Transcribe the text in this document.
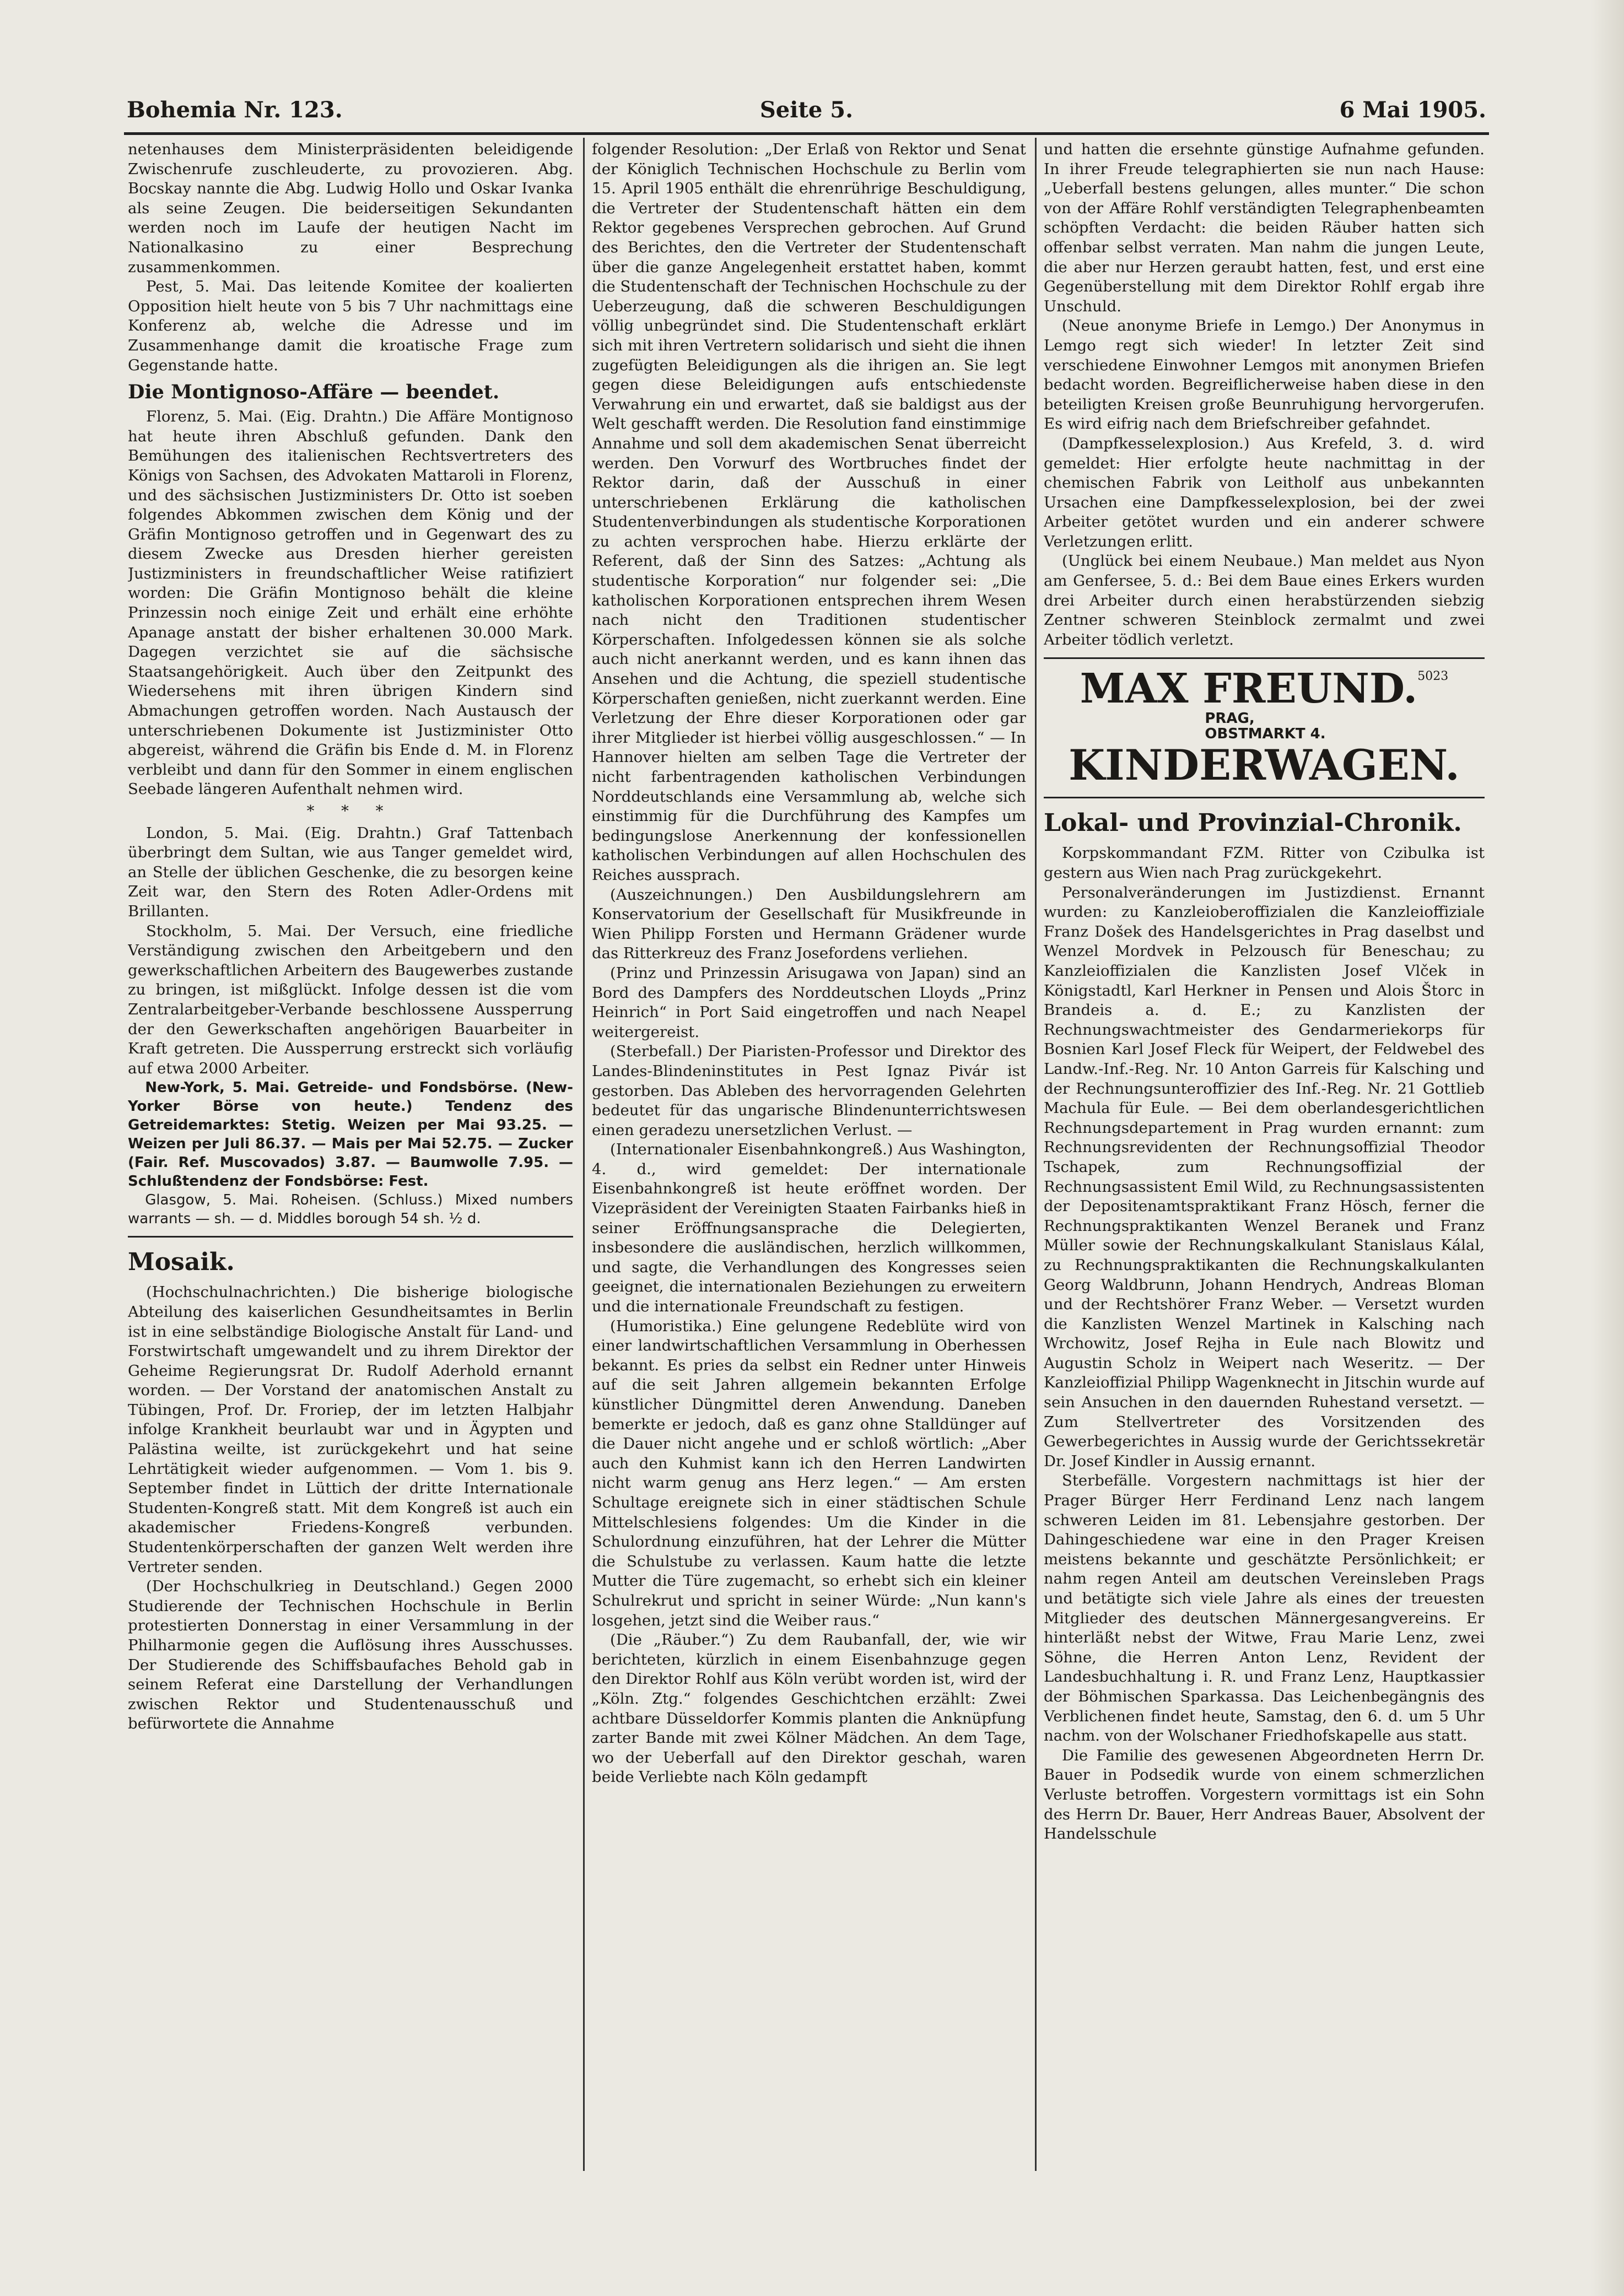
Bohemia Nr. 123.	Seite 5.	6 Mai 1905.

netenhauses dem Ministerpräsidenten beleidigende Zwischenrufe zuschleuderte, zu provozieren. Abg. Bocskay nannte die Abg. Ludwig Hollo und Oskar Ivanka als seine Zeugen. Die beiderseitigen Sekundanten werden noch im Laufe der heutigen Nacht im Nationalkasino zu einer Besprechung zusammenkommen.

Pest, 5. Mai. Das leitende Komitee der koalierten Opposition hielt heute von 5 bis 7 Uhr nachmittags eine Konferenz ab, welche die Adresse und im Zusammenhange damit die kroatische Frage zum Gegenstande hatte.

Die Montignoso-Affäre — beendet.

Florenz, 5. Mai. (Eig. Drahtn.) Die Affäre Montignoso hat heute ihren Abschluß gefunden. Dank den Bemühungen des italienischen Rechtsvertreters des Königs von Sachsen, des Advokaten Mattaroli in Florenz, und des sächsischen Justizministers Dr. Otto ist soeben folgendes Abkommen zwischen dem König und der Gräfin Montignoso getroffen und in Gegenwart des zu diesem Zwecke aus Dresden hierher gereisten Justizministers in freundschaftlicher Weise ratifiziert worden: Die Gräfin Montignoso behält die kleine Prinzessin noch einige Zeit und erhält eine erhöhte Apanage anstatt der bisher erhaltenen 30.000 Mark. Dagegen verzichtet sie auf die sächsische Staatsangehörigkeit. Auch über den Zeitpunkt des Wiedersehens mit ihren übrigen Kindern sind Abmachungen getroffen worden. Nach Austausch der unterschriebenen Dokumente ist Justizminister Otto abgereist, während die Gräfin bis Ende d. M. in Florenz verbleibt und dann für den Sommer in einem englischen Seebade längeren Aufenthalt nehmen wird.

* * *

London, 5. Mai. (Eig. Drahtn.) Graf Tattenbach überbringt dem Sultan, wie aus Tanger gemeldet wird, an Stelle der üblichen Geschenke, die zu besorgen keine Zeit war, den Stern des Roten Adler-Ordens mit Brillanten.

Stockholm, 5. Mai. Der Versuch, eine friedliche Verständigung zwischen den Arbeitgebern und den gewerkschaftlichen Arbeitern des Baugewerbes zustande zu bringen, ist mißglückt. Infolge dessen ist die vom Zentralarbeitgeber-Verbande beschlossene Aussperrung der den Gewerkschaften angehörigen Bauarbeiter in Kraft getreten. Die Aussperrung erstreckt sich vorläufig auf etwa 2000 Arbeiter.

New-York, 5. Mai. Getreide- und Fondsbörse. (New-Yorker Börse von heute.) Tendenz des Getreidemarktes: Stetig. Weizen per Mai 93.25. — Weizen per Juli 86.37. — Mais per Mai 52.75. — Zucker (Fair. Ref. Muscovados) 3.87. — Baumwolle 7.95. — Schlußtendenz der Fondsbörse: Fest.

Glasgow, 5. Mai. Roheisen. (Schluss.) Mixed numbers warrants — sh. — d. Middles borough 54 sh. ½ d.

Mosaik.

(Hochschulnachrichten.) Die bisherige biologische Abteilung des kaiserlichen Gesundheitsamtes in Berlin ist in eine selbständige Biologische Anstalt für Land- und Forstwirtschaft umgewandelt und zu ihrem Direktor der Geheime Regierungsrat Dr. Rudolf Aderhold ernannt worden. — Der Vorstand der anatomischen Anstalt zu Tübingen, Prof. Dr. Froriep, der im letzten Halbjahr infolge Krankheit beurlaubt war und in Ägypten und Palästina weilte, ist zurückgekehrt und hat seine Lehrtätigkeit wieder aufgenommen. — Vom 1. bis 9. September findet in Lüttich der dritte Internationale Studenten-Kongreß statt. Mit dem Kongreß ist auch ein akademischer Friedens-Kongreß verbunden. Studentenkörperschaften der ganzen Welt werden ihre Vertreter senden.

(Der Hochschulkrieg in Deutschland.) Gegen 2000 Studierende der Technischen Hochschule in Berlin protestierten Donnerstag in einer Versammlung in der Philharmonie gegen die Auflösung ihres Ausschusses. Der Studierende des Schiffsbaufaches Behold gab in seinem Referat eine Darstellung der Verhandlungen zwischen Rektor und Studentenausschuß und befürwortete die Annahme

folgender Resolution: „Der Erlaß von Rektor und Senat der Königlich Technischen Hochschule zu Berlin vom 15. April 1905 enthält die ehrenrührige Beschuldigung, die Vertreter der Studentenschaft hätten ein dem Rektor gegebenes Versprechen gebrochen. Auf Grund des Berichtes, den die Vertreter der Studentenschaft über die ganze Angelegenheit erstattet haben, kommt die Studentenschaft der Technischen Hochschule zu der Ueberzeugung, daß die schweren Beschuldigungen völlig unbegründet sind. Die Studentenschaft erklärt sich mit ihren Vertretern solidarisch und sieht die ihnen zugefügten Beleidigungen als die ihrigen an. Sie legt gegen diese Beleidigungen aufs entschiedenste Verwahrung ein und erwartet, daß sie baldigst aus der Welt geschafft werden. Die Resolution fand einstimmige Annahme und soll dem akademischen Senat überreicht werden. Den Vorwurf des Wortbruches findet der Rektor darin, daß der Ausschuß in einer unterschriebenen Erklärung die katholischen Studentenverbindungen als studentische Korporationen zu achten versprochen habe. Hierzu erklärte der Referent, daß der Sinn des Satzes: „Achtung als studentische Korporation“ nur folgender sei: „Die katholischen Korporationen entsprechen ihrem Wesen nach nicht den Traditionen studentischer Körperschaften. Infolgedessen können sie als solche auch nicht anerkannt werden, und es kann ihnen das Ansehen und die Achtung, die speziell studentische Körperschaften genießen, nicht zuerkannt werden. Eine Verletzung der Ehre dieser Korporationen oder gar ihrer Mitglieder ist hierbei völlig ausgeschlossen.“ — In Hannover hielten am selben Tage die Vertreter der nicht farbentragenden katholischen Verbindungen Norddeutschlands eine Versammlung ab, welche sich einstimmig für die Durchführung des Kampfes um bedingungslose Anerkennung der konfessionellen katholischen Verbindungen auf allen Hochschulen des Reiches aussprach.

(Auszeichnungen.) Den Ausbildungslehrern am Konservatorium der Gesellschaft für Musikfreunde in Wien Philipp Forsten und Hermann Grädener wurde das Ritterkreuz des Franz Josefordens verliehen.

(Prinz und Prinzessin Arisugawa von Japan) sind an Bord des Dampfers des Norddeutschen Lloyds „Prinz Heinrich“ in Port Said eingetroffen und nach Neapel weitergereist.

(Sterbefall.) Der Piaristen-Professor und Direktor des Landes-Blindeninstitutes in Pest Ignaz Pivár ist gestorben. Das Ableben des hervorragenden Gelehrten bedeutet für das ungarische Blindenunterrichtswesen einen geradezu unersetzlichen Verlust. —

(Internationaler Eisenbahnkongreß.) Aus Washington, 4. d., wird gemeldet: Der internationale Eisenbahnkongreß ist heute eröffnet worden. Der Vizepräsident der Vereinigten Staaten Fairbanks hieß in seiner Eröffnungsansprache die Delegierten, insbesondere die ausländischen, herzlich willkommen, und sagte, die Verhandlungen des Kongresses seien geeignet, die internationalen Beziehungen zu erweitern und die internationale Freundschaft zu festigen.

(Humoristika.) Eine gelungene Redeblüte wird von einer landwirtschaftlichen Versammlung in Oberhessen bekannt. Es pries da selbst ein Redner unter Hinweis auf die seit Jahren allgemein bekannten Erfolge künstlicher Düngmittel deren Anwendung. Daneben bemerkte er jedoch, daß es ganz ohne Stalldünger auf die Dauer nicht angehe und er schloß wörtlich: „Aber auch den Kuhmist kann ich den Herren Landwirten nicht warm genug ans Herz legen.“ — Am ersten Schultage ereignete sich in einer städtischen Schule Mittelschlesiens folgendes: Um die Kinder in die Schulordnung einzuführen, hat der Lehrer die Mütter die Schulstube zu verlassen. Kaum hatte die letzte Mutter die Türe zugemacht, so erhebt sich ein kleiner Schulrekrut und spricht in seiner Würde: „Nun kann's losgehen, jetzt sind die Weiber raus.“

(Die „Räuber.“) Zu dem Raubanfall, der, wie wir berichteten, kürzlich in einem Eisenbahnzuge gegen den Direktor Rohlf aus Köln verübt worden ist, wird der „Köln. Ztg.“ folgendes Geschichtchen erzählt: Zwei achtbare Düsseldorfer Kommis planten die Anknüpfung zarter Bande mit zwei Kölner Mädchen. An dem Tage, wo der Ueberfall auf den Direktor geschah, waren beide Verliebte nach Köln gedampft

und hatten die ersehnte günstige Aufnahme gefunden. In ihrer Freude telegraphierten sie nun nach Hause: „Ueberfall bestens gelungen, alles munter.“ Die schon von der Affäre Rohlf verständigten Telegraphenbeamten schöpften Verdacht: die beiden Räuber hatten sich offenbar selbst verraten. Man nahm die jungen Leute, die aber nur Herzen geraubt hatten, fest, und erst eine Gegenüberstellung mit dem Direktor Rohlf ergab ihre Unschuld.

(Neue anonyme Briefe in Lemgo.) Der Anonymus in Lemgo regt sich wieder! In letzter Zeit sind verschiedene Einwohner Lemgos mit anonymen Briefen bedacht worden. Begreiflicherweise haben diese in den beteiligten Kreisen große Beunruhigung hervorgerufen. Es wird eifrig nach dem Briefschreiber gefahndet.

(Dampfkesselexplosion.) Aus Krefeld, 3. d. wird gemeldet: Hier erfolgte heute nachmittag in der chemischen Fabrik von Leitholf aus unbekannten Ursachen eine Dampfkesselexplosion, bei der zwei Arbeiter getötet wurden und ein anderer schwere Verletzungen erlitt.

(Unglück bei einem Neubaue.) Man meldet aus Nyon am Genfersee, 5. d.: Bei dem Baue eines Erkers wurden drei Arbeiter durch einen herabstürzenden siebzig Zentner schweren Steinblock zermalmt und zwei Arbeiter tödlich verletzt.

MAX FREUND.$^{5023}$ PRAG,
OBSTMARKT 4.
KINDERWAGEN.
Lokal- und Provinzial-Chronik.

Korpskommandant FZM. Ritter von Czibulka ist gestern aus Wien nach Prag zurückgekehrt.

Personalveränderungen im Justizdienst. Ernannt wurden: zu Kanzleioberoffizialen die Kanzleioffiziale Franz Došek des Handelsgerichtes in Prag daselbst und Wenzel Mordvek in Pelzousch für Beneschau; zu Kanzleioffizialen die Kanzlisten Josef Vlček in Königstadtl, Karl Herkner in Pensen und Alois Štorc in Brandeis a. d. E.; zu Kanzlisten der Rechnungswachtmeister des Gendarmeriekorps für Bosnien Karl Josef Fleck für Weipert, der Feldwebel des Landw.-Inf.-Reg. Nr. 10 Anton Garreis für Kalsching und der Rechnungsunteroffizier des Inf.-Reg. Nr. 21 Gottlieb Machula für Eule. — Bei dem oberlandesgerichtlichen Rechnungsdepartement in Prag wurden ernannt: zum Rechnungsrevidenten der Rechnungsoffizial Theodor Tschapek, zum Rechnungsoffizial der Rechnungsassistent Emil Wild, zu Rechnungsassistenten der Depositenamtspraktikant Franz Hösch, ferner die Rechnungspraktikanten Wenzel Beranek und Franz Müller sowie der Rechnungskalkulant Stanislaus Kálal, zu Rechnungspraktikanten die Rechnungskalkulanten Georg Waldbrunn, Johann Hendrych, Andreas Bloman und der Rechtshörer Franz Weber. — Versetzt wurden die Kanzlisten Wenzel Martinek in Kalsching nach Wrchowitz, Josef Rejha in Eule nach Blowitz und Augustin Scholz in Weipert nach Weseritz. — Der Kanzleioffizial Philipp Wagenknecht in Jitschin wurde auf sein Ansuchen in den dauernden Ruhestand versetzt. — Zum Stellvertreter des Vorsitzenden des Gewerbegerichtes in Aussig wurde der Gerichtssekretär Dr. Josef Kindler in Aussig ernannt.

Sterbefälle. Vorgestern nachmittags ist hier der Prager Bürger Herr Ferdinand Lenz nach langem schweren Leiden im 81. Lebensjahre gestorben. Der Dahingeschiedene war eine in den Prager Kreisen meistens bekannte und geschätzte Persönlichkeit; er nahm regen Anteil am deutschen Vereinsleben Prags und betätigte sich viele Jahre als eines der treuesten Mitglieder des deutschen Männergesangvereins. Er hinterläßt nebst der Witwe, Frau Marie Lenz, zwei Söhne, die Herren Anton Lenz, Revident der Landesbuchhaltung i. R. und Franz Lenz, Hauptkassier der Böhmischen Sparkassa. Das Leichenbegängnis des Verblichenen findet heute, Samstag, den 6. d. um 5 Uhr nachm. von der Wolschaner Friedhofskapelle aus statt.

Die Familie des gewesenen Abgeordneten Herrn Dr. Bauer in Podsedik wurde von einem schmerzlichen Verluste betroffen. Vorgestern vormittags ist ein Sohn des Herrn Dr. Bauer, Herr Andreas Bauer, Absolvent der Handelsschule
